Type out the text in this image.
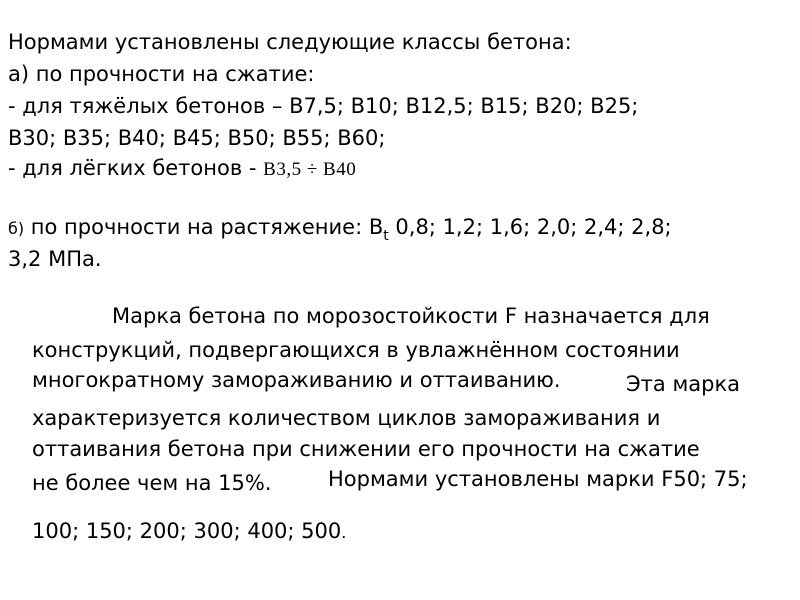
Нормами установлены следующие классы бетона:
а) по прочности на сжатие:
- для тяжёлых бетонов – B7,5; B10; B12,5; B15; B20; B25;
B30; B35; B40; B45; B50; B55; B60;
- для лёгких бетонов - B3,5 ÷ B40
б) по прочности на растяжение: $B_t$ 0,8; 1,2; 1,6; 2,0; 2,4; 2,8;
3,2 МПа.
Марка бетона по морозостойкости F назначается для
конструкций, подвергающихся в увлажнённом состоянии
многократному замораживанию и оттаиванию.	Эта марка
характеризуется количеством циклов замораживания и
оттаивания бетона при снижении его прочности на сжатие
не более чем на 15%.	Нормами установлены марки F50; 75;
100; 150; 200; 300; 400; 500.
